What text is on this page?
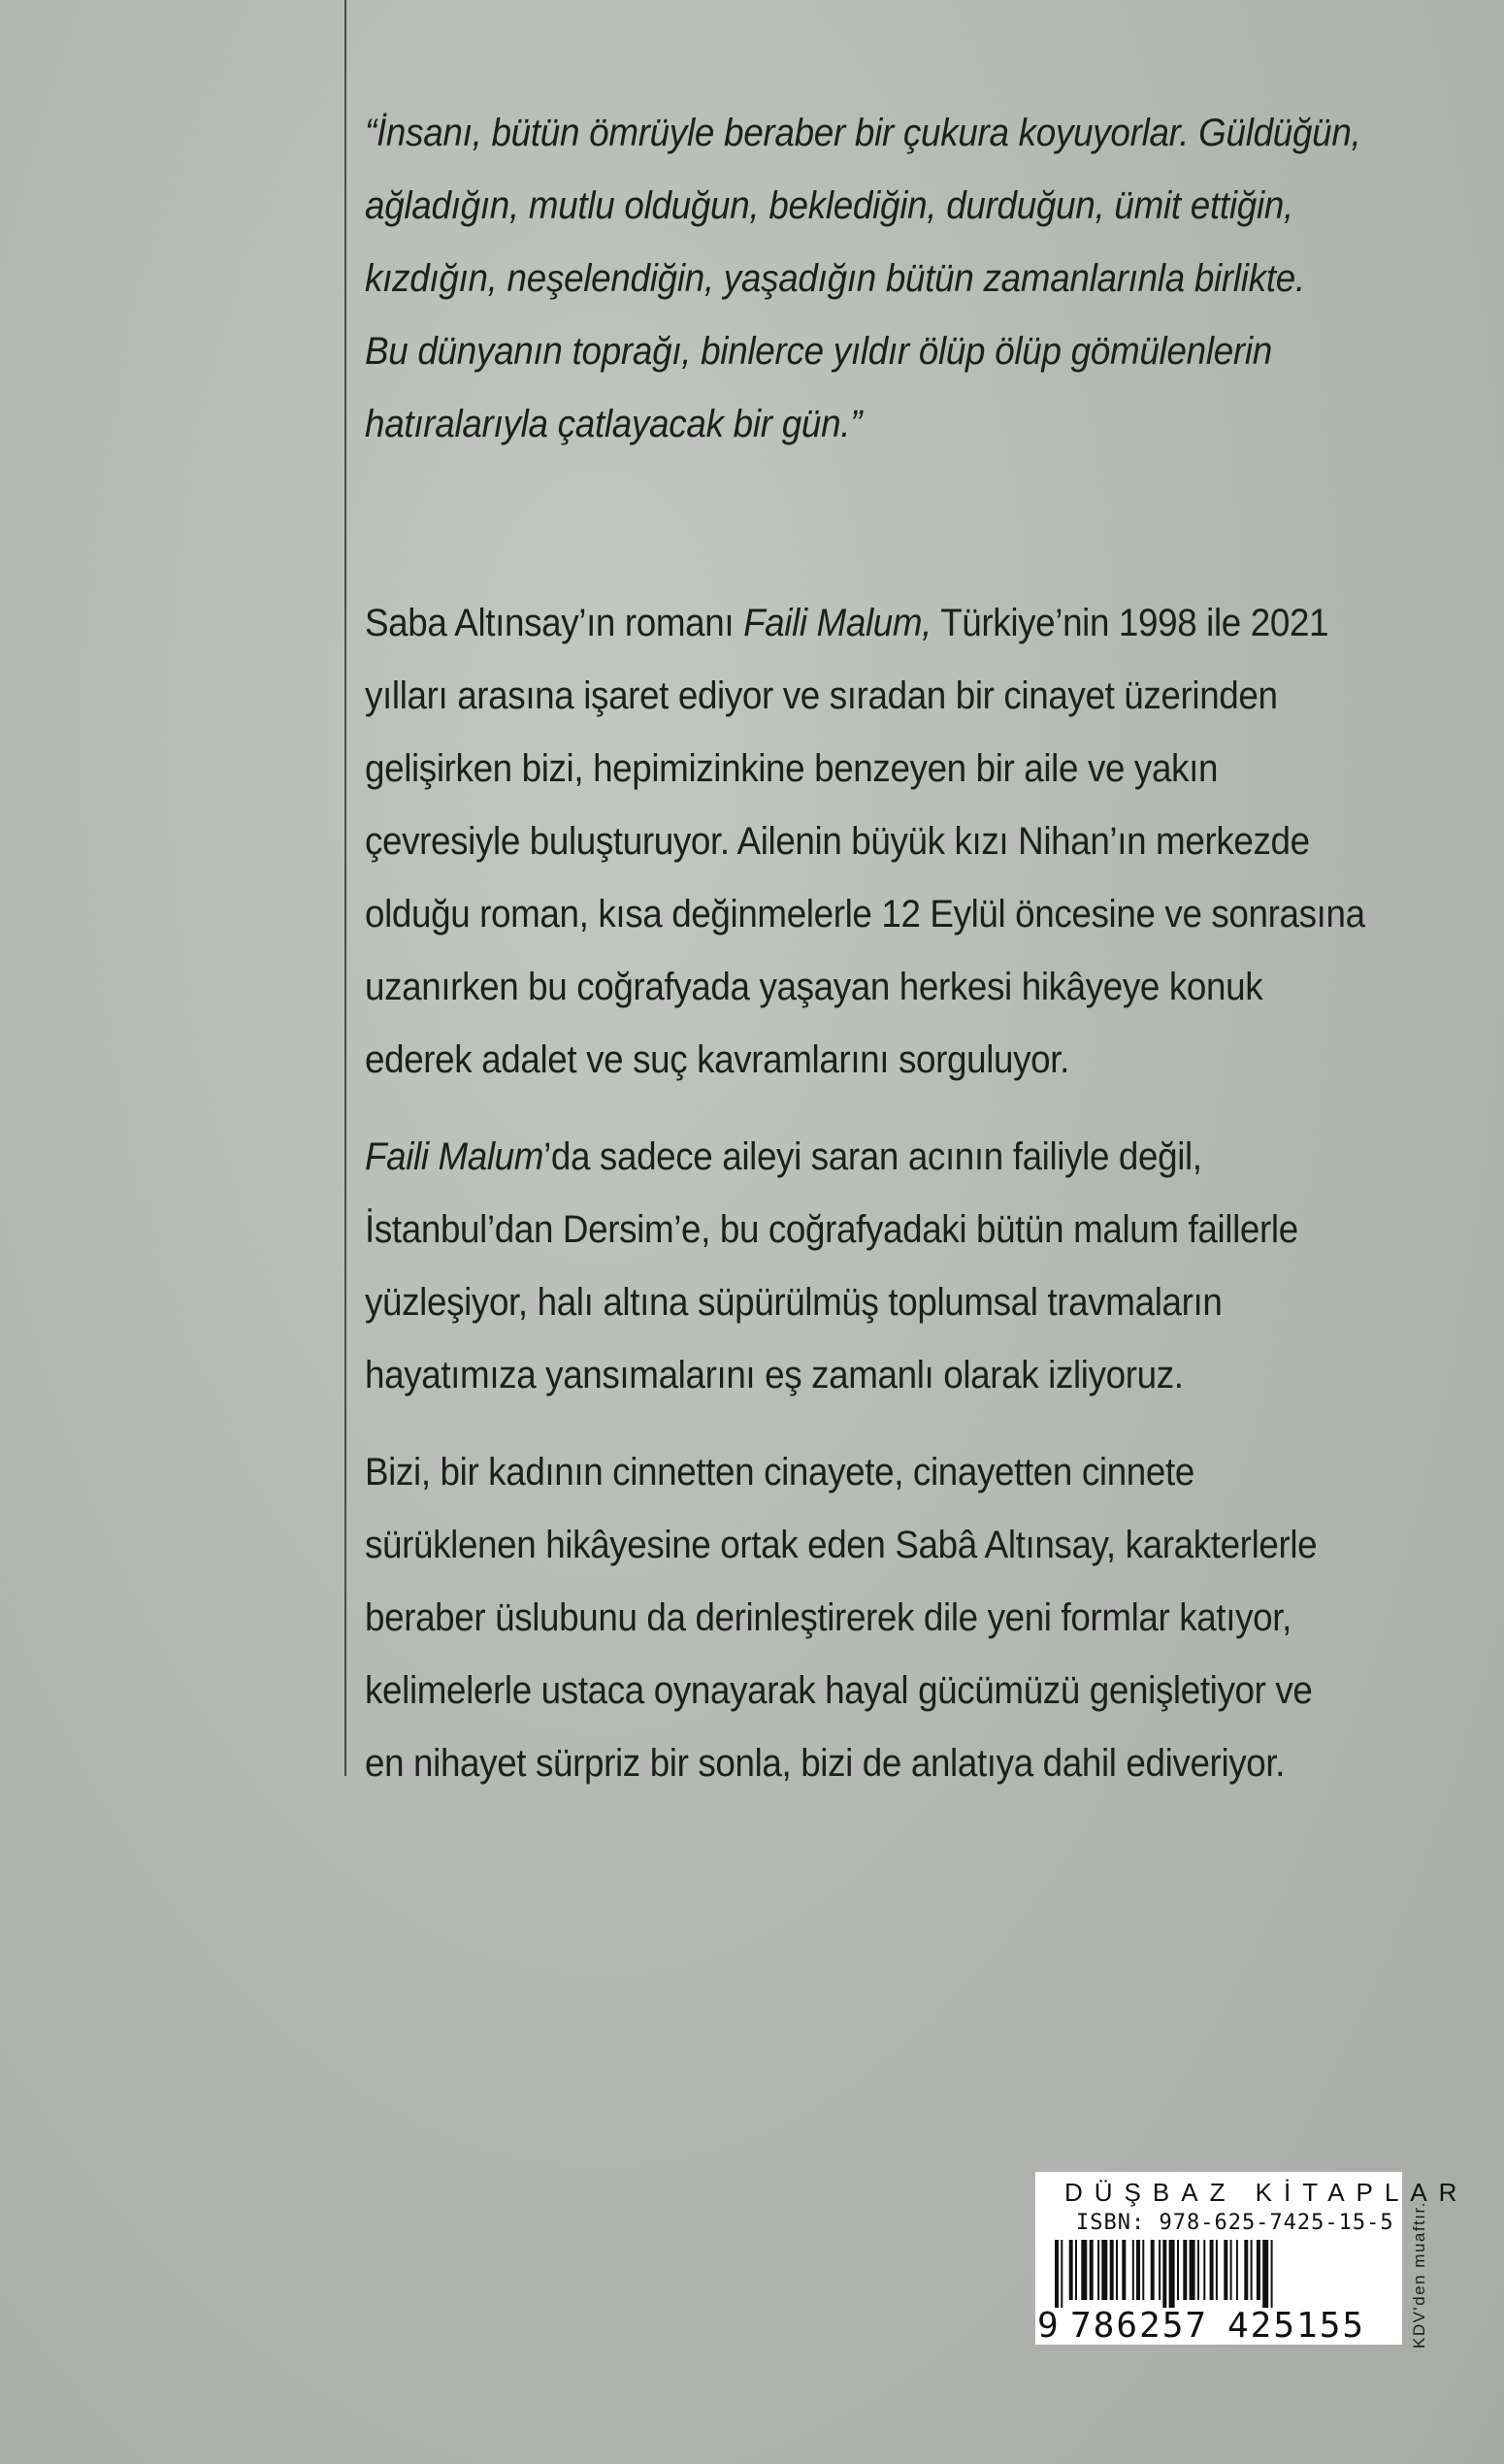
“İnsanı, bütün ömrüyle beraber bir çukura koyuyorlar. Güldüğün,
ağladığın, mutlu olduğun, beklediğin, durduğun, ümit ettiğin,
kızdığın, neşelendiğin, yaşadığın bütün zamanlarınla birlikte.
Bu dünyanın toprağı, binlerce yıldır ölüp ölüp gömülenlerin
hatıralarıyla çatlayacak bir gün.”

Saba Altınsay’ın romanı Faili Malum, Türkiye’nin 1998 ile 2021
yılları arasına işaret ediyor ve sıradan bir cinayet üzerinden
gelişirken bizi, hepimizinkine benzeyen bir aile ve yakın
çevresiyle buluşturuyor. Ailenin büyük kızı Nihan’ın merkezde
olduğu roman, kısa değinmelerle 12 Eylül öncesine ve sonrasına
uzanırken bu coğrafyada yaşayan herkesi hikâyeye konuk
ederek adalet ve suç kavramlarını sorguluyor.

Faili Malum’da sadece aileyi saran acının failiyle değil,
İstanbul’dan Dersim’e, bu coğrafyadaki bütün malum faillerle
yüzleşiyor, halı altına süpürülmüş toplumsal travmaların
hayatımıza yansımalarını eş zamanlı olarak izliyoruz.

Bizi, bir kadının cinnetten cinayete, cinayetten cinnete
sürüklenen hikâyesine ortak eden Sabâ Altınsay, karakterlerle
beraber üslubunu da derinleştirerek dile yeni formlar katıyor,
kelimelerle ustaca oynayarak hayal gücümüzü genişletiyor ve
en nihayet sürpriz bir sonla, bizi de anlatıya dahil ediveriyor.

DÜŞBAZ KİTAPLAR
ISBN: 978-625-7425-15-5
9 786257 425155	KDV'den muaftır.
